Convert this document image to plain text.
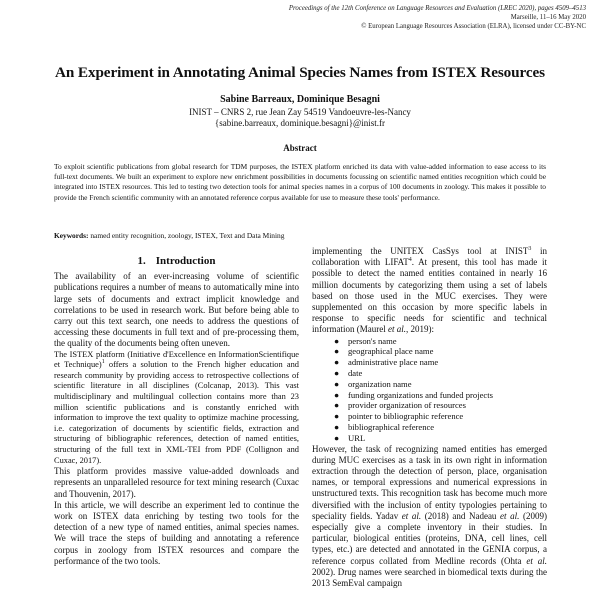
Proceedings of the 12th Conference on Language Resources and Evaluation (LREC 2020), pages 4509–4513
Marseille, 11–16 May 2020
© European Language Resources Association (ELRA), licensed under CC-BY-NC
An Experiment in Annotating Animal Species Names from ISTEX Resources
Sabine Barreaux, Dominique Besagni
INIST – CNRS 2, rue Jean Zay 54519 Vandoeuvre-les-Nancy
{sabine.barreaux, dominique.besagni}@inist.fr
Abstract
To exploit scientific publications from global research for TDM purposes, the ISTEX platform enriched its data with value-added information to ease access to its full-text documents. We built an experiment to explore new enrichment possibilities in documents focussing on scientific named entities recognition which could be integrated into ISTEX resources. This led to testing two detection tools for animal species names in a corpus of 100 documents in zoology. This makes it possible to provide the French scientific community with an annotated reference corpus available for use to measure these tools' performance.
Keywords: named entity recognition, zoology, ISTEX, Text and Data Mining
1. Introduction

The availability of an ever-increasing volume of scientific publications requires a number of means to automatically mine into large sets of documents and extract implicit knowledge and correlations to be used in research work. But before being able to carry out this text search, one needs to address the questions of accessing these documents in full text and of pre-processing them, the quality of the documents being often uneven.

The ISTEX platform (Initiative d'Excellence en InformationScientifique et Technique)$^1$ offers a solution to the French higher education and research community by providing access to retrospective collections of scientific literature in all disciplines (Colcanap, 2013). This vast multidisciplinary and multilingual collection contains more than 23 million scientific publications and is constantly enriched with information to improve the text quality to optimize machine processing, i.e. categorization of documents by scientific fields, extraction and structuring of bibliographic references, detection of named entities, structuring of the full text in XML-TEI from PDF (Collignon and Cuxac, 2017).

This platform provides massive value-added downloads and represents an unparalleled resource for text mining research (Cuxac and Thouvenin, 2017).

In this article, we will describe an experiment led to continue the work on ISTEX data enriching by testing two tools for the detection of a new type of named entities, animal species names. We will trace the steps of building and annotating a reference corpus in zoology from ISTEX resources and compare the performance of the two tools.

implementing the UNITEX CasSys tool at INIST$^3$ in collaboration with LIFAT$^4$. At present, this tool has made it possible to detect the named entities contained in nearly 16 million documents by categorizing them using a set of labels based on those used in the MUC exercises. They were supplemented on this occasion by more specific labels in response to specific needs for scientific and technical information (Maurel et al., 2019):

● person's name
● geographical place name
● administrative place name
● date
● organization name
● funding organizations and funded projects
● provider organization of resources
● pointer to bibliographic reference
● bibliographical reference
● URL

However, the task of recognizing named entities has emerged during MUC exercises as a task in its own right in information extraction through the detection of person, place, organisation names, or temporal expressions and numerical expressions in unstructured texts. This recognition task has become much more diversified with the inclusion of entity typologies pertaining to speciality fields. Yadav et al. (2018) and Nadeau et al. (2009) especially give a complete inventory in their studies. In particular, biological entities (proteins, DNA, cell lines, cell types, etc.) are detected and annotated in the GENIA corpus, a reference corpus collated from Medline records (Ohta et al. 2002). Drug names were searched in biomedical texts during the 2013 SemEval campaign
